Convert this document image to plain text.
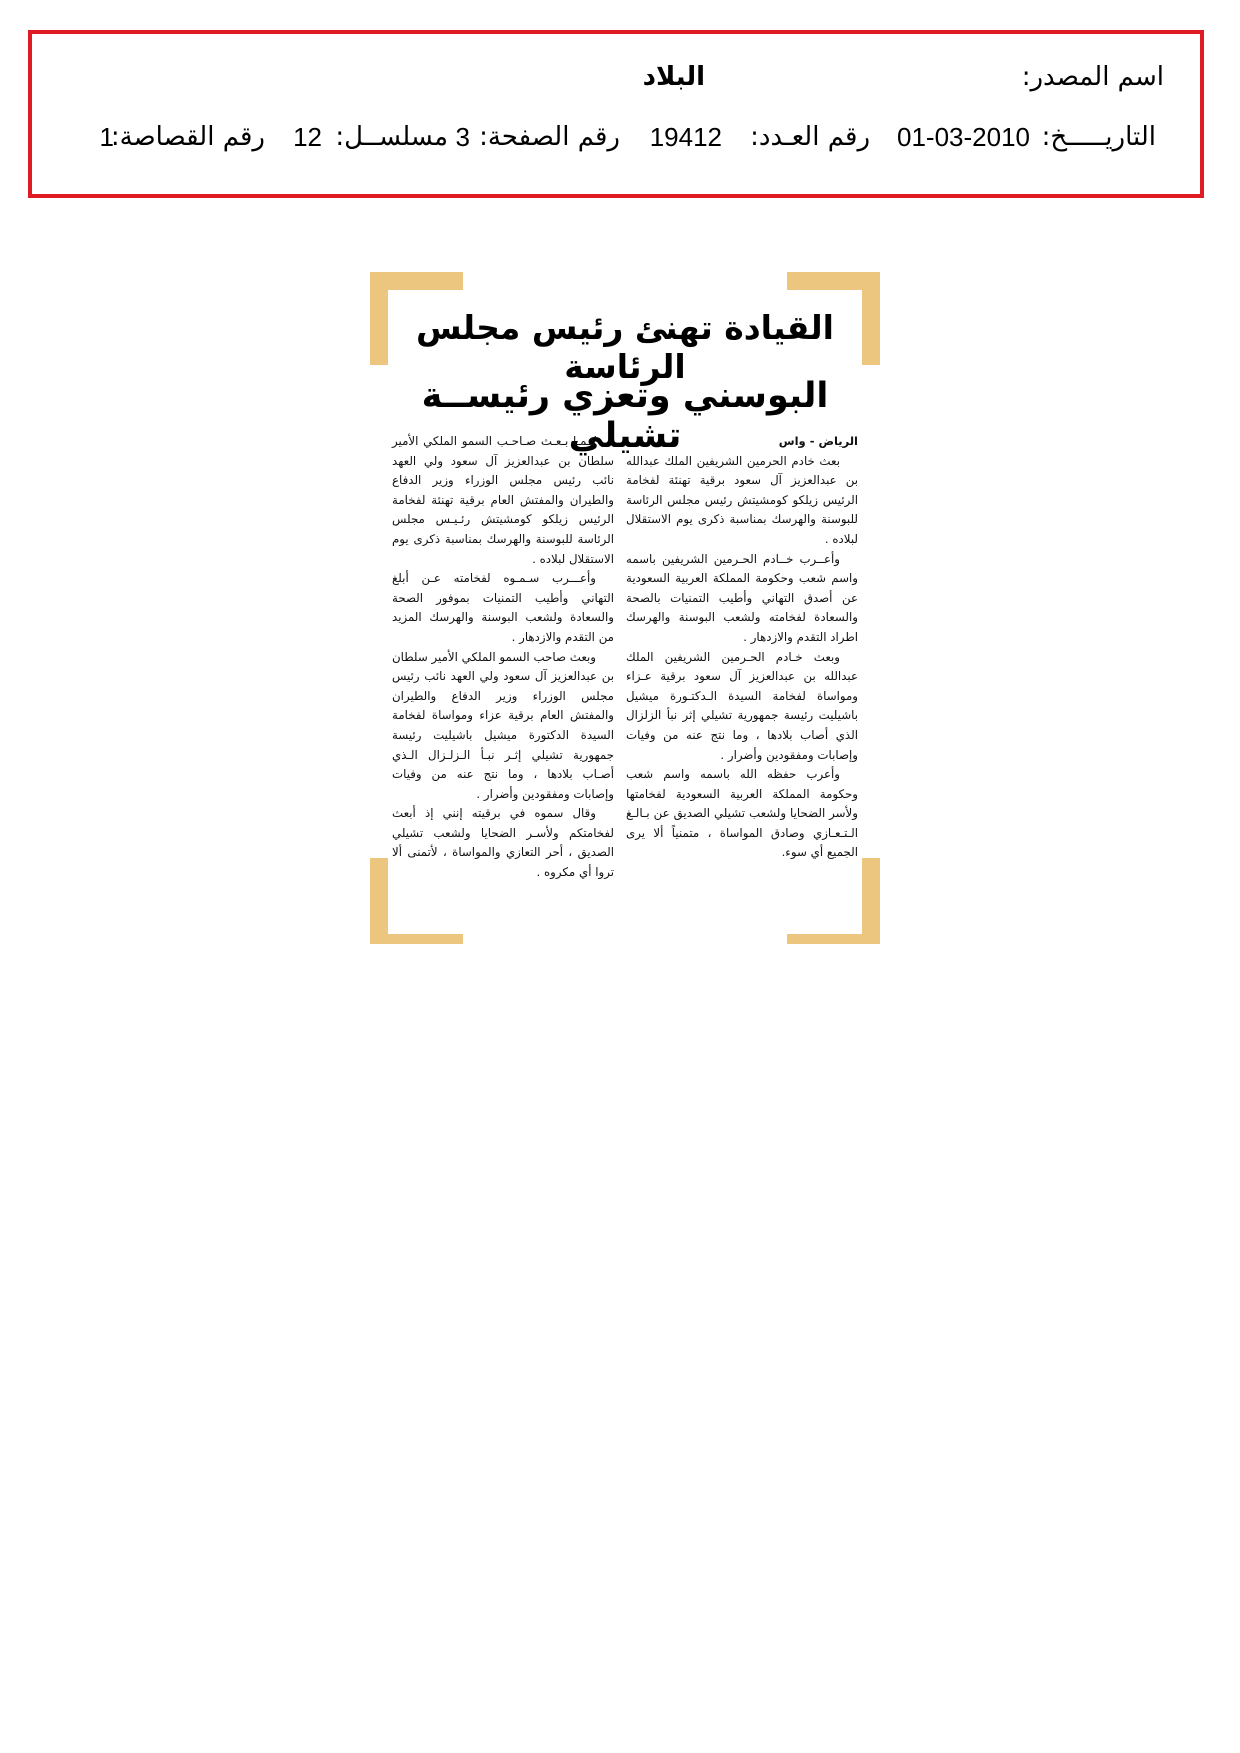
اسم المصدر:
البلاد
التاريـــــخ:
01-03-2010
رقم العـدد:
19412
رقم الصفحة:
3
مسلســل:
12
رقم القصاصة:
1
القيادة تهنئ رئيس مجلس الرئاسة
البوسني وتعزي رئيســة تشيلي	الرياض - واس

بعث خادم الحرمين الشريفين الملك عبدالله بن عبدالعزيز آل سعود برقية تهنئة لفخامة الرئيس زيلكو كومشيتش رئيس مجلس الرئاسة للبوسنة والهرسك بمناسبة ذكرى يوم الاستقلال لبلاده .

وأعــرب خــادم الحـرمين الشريفين باسمه واسم شعب وحكومة المملكة العربية السعودية عن أصدق التهاني وأطيب التمنيات بالصحة والسعادة لفخامته ولشعب البوسنة والهرسك اطراد التقدم والازدهار .

وبعث خـادم الحـرمين الشريفين الملك عبدالله بن عبدالعزيز آل سعود برقية عـزاء ومواساة لفخامة السيدة الـدكتـورة ميشيل باشيليت رئيسة جمهورية تشيلي إثر نبأ الزلزال الذي أصاب بلادها ، وما نتج عنه من وفيات وإصابات ومفقودين وأضرار .

وأعرب حفظه الله باسمه واسم شعب وحكومة المملكة العربية السعودية لفخامتها ولأسر الضحايا ولشعب تشيلي الصديق عن بـالـغ الـتـعـازي وصادق المواساة ، متمنياً ألا يرى الجميع أي سوء.

كـمـا بـعـث صـاحـب السمو الملكي الأمير سلطان بن عبدالعزيز آل سعود ولي العهد نائب رئيس مجلس الوزراء وزير الدفاع والطيران والمفتش العام برقية تهنئة لفخامة الرئيس زيلكو كومشيتش رئـيـس مجلس الرئاسة للبوسنة والهرسك بمناسبة ذكرى يوم الاستقلال لبلاده .

وأعـــرب سـمـوه لفخامته عـن أبلغ التهاني وأطيب التمنيات بموفور الصحة والسعادة ولشعب البوسنة والهرسك المزيد من التقدم والازدهار .

وبعث صاحب السمو الملكي الأمير سلطان بن عبدالعزيز آل سعود ولي العهد نائب رئيس مجلس الوزراء وزير الدفاع والطيران والمفتش العام برقية عزاء ومواساة لفخامة السيدة الدكتورة ميشيل باشيليت رئيسة جمهورية تشيلي إثـر نبـأ الـزلـزال الـذي أصـاب بلادها ، وما نتج عنه من وفيات وإصابات ومفقودين وأضرار .

وقال سموه في برقيته إنني إذ أبعث لفخامتكم ولأسـر الضحايا ولشعب تشيلي الصديق ، أحر التعازي والمواساة ، لأتمنى ألا تروا أي مكروه .
